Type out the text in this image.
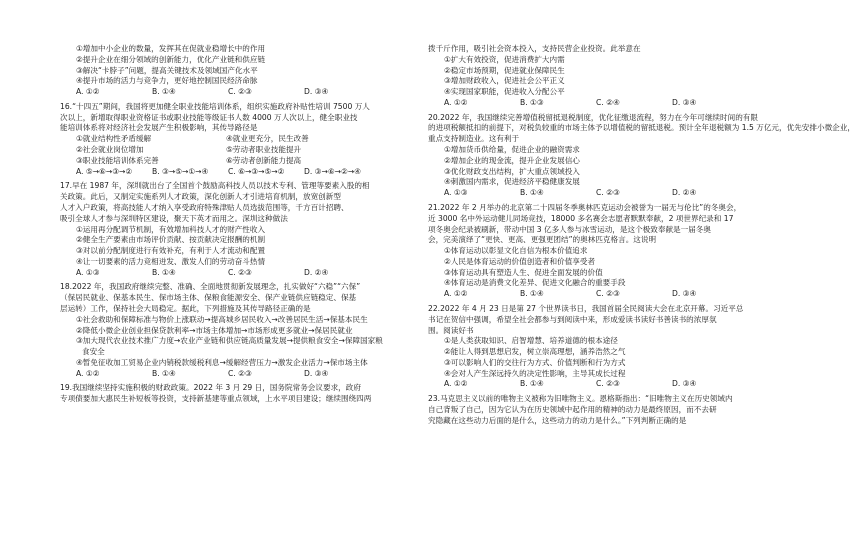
①增加中小企业的数量，发挥其在促就业稳增长中的作用

②提升企业在细分领域的创新能力，优化产业链和供应链

③解决“卡脖子”问题，提高关键技术及领域国产化水平

④提升市场的活力与竞争力，更好地控制国民经济命脉

A. ①②	B. ①④	C. ②③	D. ③④

16.“十四五”期间，我国将更加健全职业技能培训体系，组织实施政府补贴性培训 7500 万人

次以上，新增取得职业资格证书或职业技能等级证书人数 4000 万人次以上，健全职业技

能培训体系将对经济社会发展产生积极影响，其传导路径是

①就业结构性矛盾缓解	④就业更充分，民生改善

②社会就业岗位增加	⑤劳动者职业技能提升

③职业技能培训体系完善	⑥劳动者创新能力提高

A. ⑤→⑥→③→②	B. ③→⑤→①→④	C. ⑥→③→⑤→②	D. ③→⑥→②→④

17.早在 1987 年，深圳就出台了全国首个鼓励高科技人员以技术专利、管理等要素入股的相

关政策。此后，又制定实施系列人才政策，深化创新人才引进培育机制，放宽创新型

人才入户政策，将高技能人才纳入享受政府特殊津贴人员选拔范围等，千方百计招聘、

吸引全球人才参与深圳特区建设，聚天下英才而用之。深圳这种做法

①运用再分配调节机制，有效增加科技人才的财产性收入

②健全生产要素由市场评价贡献、按贡献决定报酬的机制

③对以前分配制度进行有效补充，有利于人才流动和配置

④让一切要素的活力竞相迸发、激发人们的劳动奋斗热情

A. ①③	B. ①④	C. ②③	D. ②④

18.2022 年，我国政府继续完整、准确、全面地贯彻新发展理念，扎实做好“六稳”“六保”

（保居民就业、保基本民生、保市场主体、保粮食能源安全、保产业链供应链稳定、保基

层运转）工作，保持社会大局稳定。据此，下列措施及其传导路径正确的是

①社会救助和保障标准与物价上涨联动→提高城乡居民收入→改善居民生活→保基本民生

②降低小微企业创业担保贷款利率→市场主体增加→市场形成更多就业→保居民就业

③加大现代农业技术推广力度→农业产业链和供应链高质量发展→提供粮食安全→保障国家粮

食安全

④暂免征收加工贸易企业内销税款缓税利息→缓解经营压力→激发企业活力→保市场主体

A. ①②	B. ①④	C. ②③	D. ③④

19.我国继续坚持实施积极的财政政策。2022 年 3 月 29 日，国务院常务会议要求，政府

专项债要加大惠民生补短板等投资，支持新基建等重点领域，上水平项目建设；继续围绕四两

拨千斤作用，吸引社会资本投入，支持民营企业投资。此举意在

①扩大有效投资，促进消费扩大内需

②稳定市场预期，促进就业保障民生

③增加财政收入，促进社会公平正义

④实现国家职能，促进收入分配公平

A. ①②	B. ①③	C. ②④	D. ③④

20.2022 年，我国继续完善增值税留抵退税制度，优化征缴退流程，努力在今年可继续时间的有限

的进项税额抵扣的前提下，对税负较重的市场主体予以增值税的留抵退税。预计全年退税额为 1.5 万亿元，优先安排小微企业，

重点支持制造业。这有利于

①增加货币供给量，促进企业的融资需求

②增加企业的现金流，提升企业发展信心

③优化财政支出结构，扩大重点领域投入

④刺激国内需求，促进经济平稳健康发展

A. ①③	B. ①④	C. ②③	D. ②④

21.2022 年 2 月举办的北京第二十四届冬季奥林匹克运动会被誉为一届无与伦比”的冬奥会，

近 3000 名中外运动健儿同场竞技，18000 多名赛会志愿者默默奉献，2 项世界纪录和 17

项冬奥会纪录被刷新，带动中国 3 亿多人参与冰雪运动，是这个极致奉献是一届冬奥

会，完美演绎了“更快、更高、更强更团结”的奥林匹克格言。这说明

①体育运动以彰显文化自信为根本价值追求

②人民是体育运动的价值创造者和价值享受者

③体育运动具有塑造人生、促进全面发展的价值

④体育运动是消费文化差异、促进文化融合的重要手段

A. ①②	B. ①④	C. ②③	D. ③④

22.2022 年 4 月 23 日是第 27 个世界读书日，我国首届全民阅读大会在北京开幕。习近平总

书记在贺信中强调，希望全社会都参与到阅读中来，形成爱读书读好书善读书的浓厚氛

围。阅读好书

①是人类获取知识、启智增慧、培养道德的根本途径

②能让人得到思想启发，树立崇高理想，涵养浩然之气

③可以影响人们的交往行为方式、价值判断和行为方式

④会对人产生深远持久的决定性影响，主导其成长过程

A. ①②	B. ①④	C. ②③	D. ③④

23.马克思主义以前的唯物主义被称为旧唯物主义。恩格斯指出：“旧唯物主义在历史领域内

自己背叛了自己，因为它认为在历史领域中起作用的精神的动力是最终原因，而不去研

究隐藏在这些动力后面的是什么，这些动力的动力是什么。”下列判断正确的是
